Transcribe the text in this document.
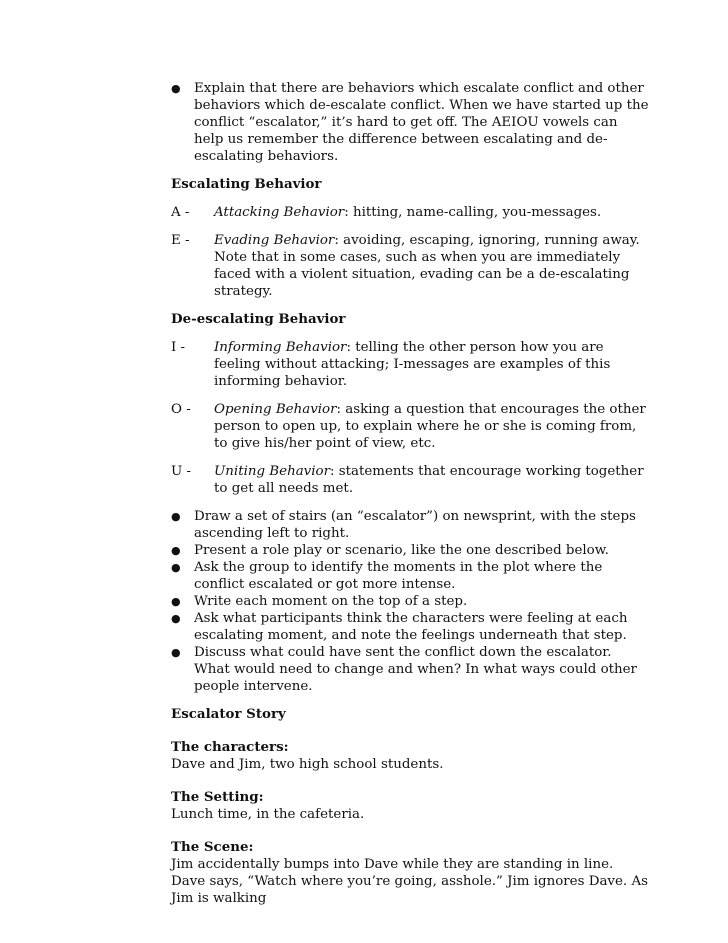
● Explain that there are behaviors which escalate conflict and other behaviors which de-escalate conflict. When we have started up the conflict “escalator,” it’s hard to get off. The AEIOU vowels can help us remember the difference between escalating and de-escalating behaviors.

Escalating Behavior

A - Attacking Behavior: hitting, name-calling, you-messages.

E - Evading Behavior: avoiding, escaping, ignoring, running away. Note that in some cases, such as when you are immediately faced with a violent situation, evading can be a de-escalating strategy.

De-escalating Behavior

I - Informing Behavior: telling the other person how you are feeling without attacking; I-messages are examples of this informing behavior.

O - Opening Behavior: asking a question that encourages the other person to open up, to explain where he or she is coming from, to give his/her point of view, etc.

U - Uniting Behavior: statements that encourage working together to get all needs met.

● Draw a set of stairs (an “escalator”) on newsprint, with the steps ascending left to right.

● Present a role play or scenario, like the one described below.

● Ask the group to identify the moments in the plot where the conflict escalated or got more intense.

● Write each moment on the top of a step.

● Ask what participants think the characters were feeling at each escalating moment, and note the feelings underneath that step.

● Discuss what could have sent the conflict down the escalator. What would need to change and when? In what ways could other people intervene.

Escalator Story

The characters:

Dave and Jim, two high school students.

The Setting:

Lunch time, in the cafeteria.

The Scene:

Jim accidentally bumps into Dave while they are standing in line. Dave says, “Watch where you’re going, asshole.” Jim ignores Dave. As Jim is walking
